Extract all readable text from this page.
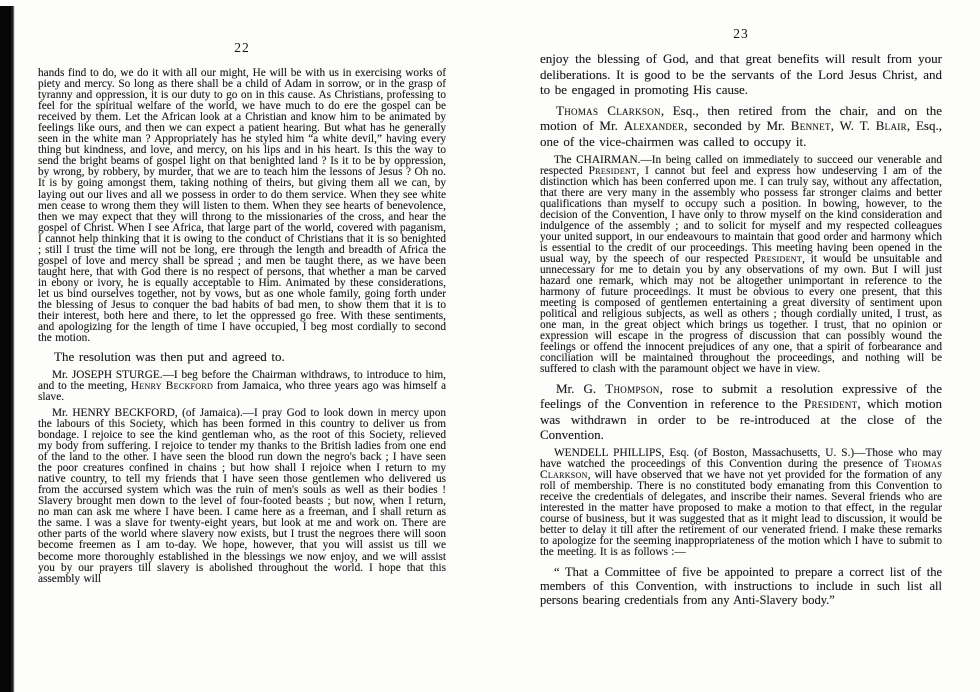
22

hands find to do, we do it with all our might, He will be with us in exercising works of piety and mercy. So long as there shall be a child of Adam in sorrow, or in the grasp of tyranny and oppression, it is our duty to go on in this cause. As Christians, professing to feel for the spiritual welfare of the world, we have much to do ere the gospel can be received by them. Let the African look at a Christian and know him to be animated by feelings like ours, and then we can expect a patient hearing. But what has he generally seen in the white man ? Appropriately has he styled him “a white devil,” having every thing but kindness, and love, and mercy, on his lips and in his heart. Is this the way to send the bright beams of gospel light on that benighted land ? Is it to be by oppression, by wrong, by robbery, by murder, that we are to teach him the lessons of Jesus ? Oh no. It is by going amongst them, taking nothing of theirs, but giving them all we can, by laying out our lives and all we possess in order to do them service. When they see white men cease to wrong them they will listen to them. When they see hearts of benevolence, then we may expect that they will throng to the missionaries of the cross, and hear the gospel of Christ. When I see Africa, that large part of the world, covered with paganism, I cannot help thinking that it is owing to the conduct of Christians that it is so benighted ; still I trust the time will not be long, ere through the length and breadth of Africa the gospel of love and mercy shall be spread ; and men be taught there, as we have been taught here, that with God there is no respect of persons, that whether a man be carved in ebony or ivory, he is equally acceptable to Him. Animated by these considerations, let us bind ourselves together, not by vows, but as one whole family, going forth under the blessing of Jesus to conquer the bad habits of bad men, to show them that it is to their interest, both here and there, to let the oppressed go free. With these sentiments, and apologizing for the length of time I have occupied, I beg most cordially to second the motion.

The resolution was then put and agreed to.

Mr. JOSEPH STURGE.—I beg before the Chairman withdraws, to introduce to him, and to the meeting, Henry Beckford from Jamaica, who three years ago was himself a slave.

Mr. HENRY BECKFORD, (of Jamaica).—I pray God to look down in mercy upon the labours of this Society, which has been formed in this country to deliver us from bondage. I rejoice to see the kind gentleman who, as the root of this Society, relieved my body from suffering. I rejoice to tender my thanks to the British ladies from one end of the land to the other. I have seen the blood run down the negro's back ; I have seen the poor creatures confined in chains ; but how shall I rejoice when I return to my native country, to tell my friends that I have seen those gentlemen who delivered us from the accursed system which was the ruin of men's souls as well as their bodies ! Slavery brought men down to the level of four-footed beasts ; but now, when I return, no man can ask me where I have been. I came here as a freeman, and I shall return as the same. I was a slave for twenty-eight years, but look at me and work on. There are other parts of the world where slavery now exists, but I trust the negroes there will soon become freemen as I am to-day. We hope, however, that you will assist us till we become more thoroughly established in the blessings we now enjoy, and we will assist you by our prayers till slavery is abolished throughout the world. I hope that this assembly will

23

enjoy the blessing of God, and that great benefits will result from your deliberations. It is good to be the servants of the Lord Jesus Christ, and to be engaged in promoting His cause.

Thomas Clarkson, Esq., then retired from the chair, and on the motion of Mr. Alexander, seconded by Mr. Bennet, W. T. Blair, Esq., one of the vice-chairmen was called to occupy it.

The CHAIRMAN.—In being called on immediately to succeed our venerable and respected President, I cannot but feel and express how undeserving I am of the distinction which has been conferred upon me. I can truly say, without any affectation, that there are very many in the assembly who possess far stronger claims and better qualifications than myself to occupy such a position. In bowing, however, to the decision of the Convention, I have only to throw myself on the kind consideration and indulgence of the assembly ; and to solicit for myself and my respected colleagues your united support, in our endeavours to maintain that good order and harmony which is essential to the credit of our proceedings. This meeting having been opened in the usual way, by the speech of our respected President, it would be unsuitable and unnecessary for me to detain you by any observations of my own. But I will just hazard one remark, which may not be altogether unimportant in reference to the harmony of future proceedings. It must be obvious to every one present, that this meeting is composed of gentlemen entertaining a great diversity of sentiment upon political and religious subjects, as well as others ; though cordially united, I trust, as one man, in the great object which brings us together. I trust, that no opinion or expression will escape in the progress of discussion that can possibly wound the feelings or offend the innocent prejudices of any one, that a spirit of forbearance and conciliation will be maintained throughout the proceedings, and nothing will be suffered to clash with the paramount object we have in view.

Mr. G. Thompson, rose to submit a resolution expressive of the feelings of the Convention in reference to the President, which motion was withdrawn in order to be re-introduced at the close of the Convention.

WENDELL PHILLIPS, Esq. (of Boston, Massachusetts, U. S.)—Those who may have watched the proceedings of this Convention during the presence of Thomas Clarkson, will have observed that we have not yet provided for the formation of any roll of membership. There is no constituted body emanating from this Convention to receive the credentials of delegates, and inscribe their names. Several friends who are interested in the matter have proposed to make a motion to that effect, in the regular course of business, but it was suggested that as it might lead to discussion, it would be better to delay it till after the retirement of our venerated friend. I make these remarks to apologize for the seeming inappropriateness of the motion which I have to submit to the meeting. It is as follows :—

“ That a Committee of five be appointed to prepare a correct list of the members of this Convention, with instructions to include in such list all persons bearing credentials from any Anti-Slavery body.”
